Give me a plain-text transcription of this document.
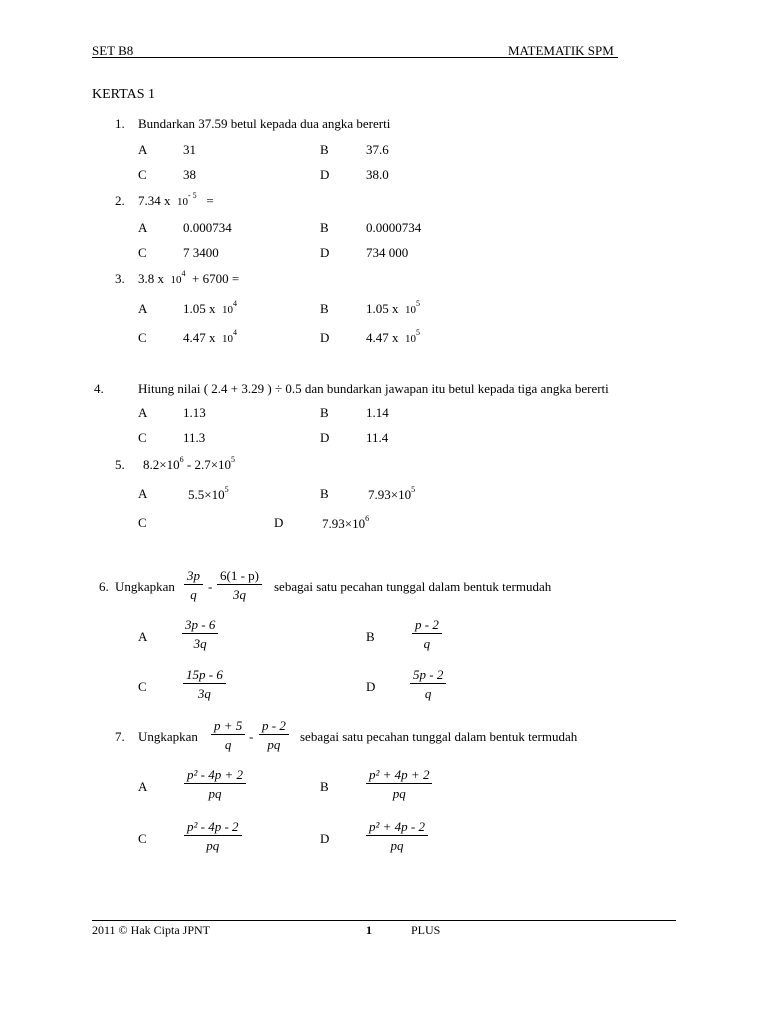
SET B8	MATEMATIK SPM
KERTAS 1
1. Bundarkan 37.59 betul kepada dua angka bererti
A	31	B	37.6
C	38	D	38.0
2. 7.34 x $10^{- 5}$ =
A	0.000734	B	0.0000734
C	7 3400	D	734 000
3. 3.8 x $10^4 + 6700$ =
A	1.05 x $10^4$	B	1.05 x $10^5$
C	4.47 x $10^4$	D	4.47 x $10^5$
4.	Hitung nilai ( 2.4 + 3.29 ) ÷ 0.5 dan bundarkan jawapan itu betul kepada tiga angka bererti
A	1.13	B	1.14
C	11.3	D	11.4
5. $8.2\times 10^6 - 2.7\times 10^5$
A	$5.5\times 10^5$	B	$7.93\times 10^5$
C	D	$7.93\times 10^6$
6. Ungkapkan $\frac{3p}{q} - \frac{6(1 - p)}{3q}$ sebagai satu pecahan tunggal dalam bentuk termudah
A	$\frac{3p - 6}{3q}$	B	$\frac{p - 2}{q}$
C	$\frac{15p - 6}{3q}$	D	$\frac{5p - 2}{q}$
7. Ungkapkan $\frac{p + 5}{q} - \frac{p - 2}{pq}$ sebagai satu pecahan tunggal dalam bentuk termudah
A	$\frac{\text{p² - 4p + 2}}{pq}$	B	$\frac{\text{p² + 4p + 2}}{pq}$
C	$\frac{\text{p² - 4p - 2}}{pq}$	D	$\frac{\text{p² + 4p - 2}}{pq}$
2011 © Hak Cipta JPNT	1	PLUS
